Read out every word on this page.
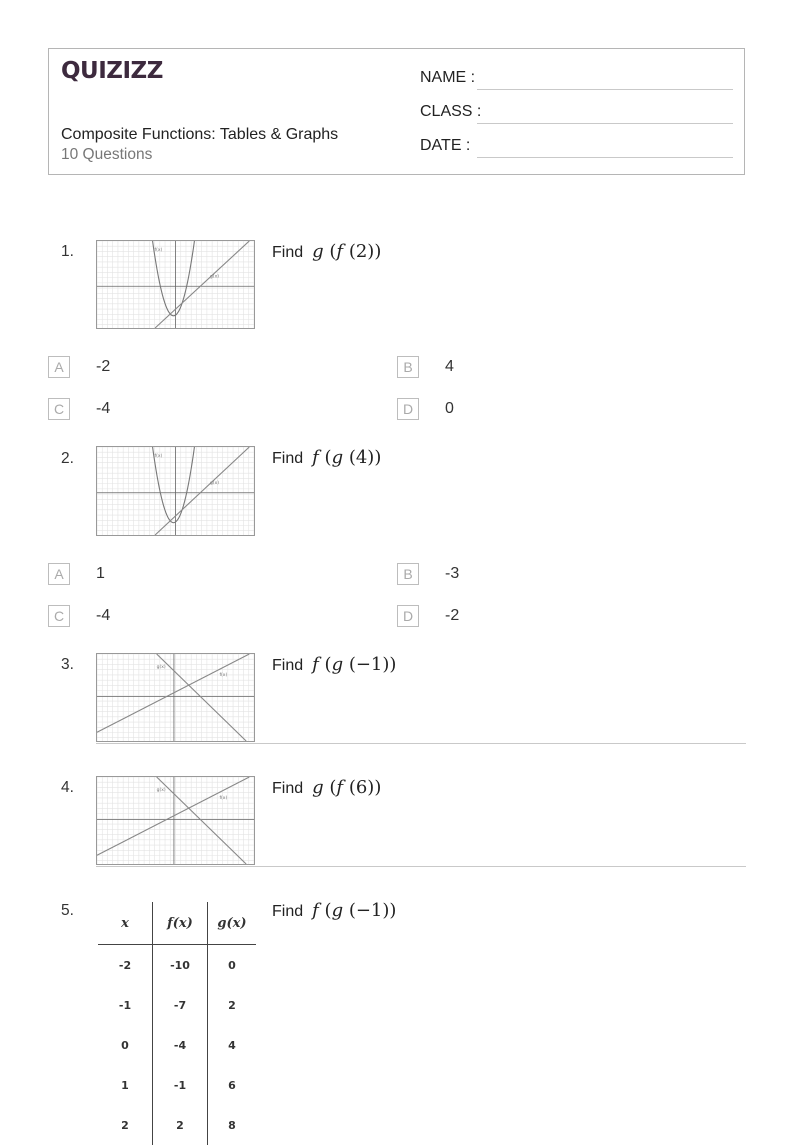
QUIZIZZ
Composite Functions: Tables & Graphs
10 Questions
NAME :
CLASS :
DATE :
1.	f(x)
g(x)
Find g (f (2))
A	-2	B	4
C	-4	D	0
2.	f(x)
g(x)
Find f (g (4))
A	1	B	-3
C	-4	D	-2
3.	g(x)
f(x)
Find f (g (−1))
4.	g(x)
f(x)
Find g (f (6))
5.
x	f(x)	g(x)
-2	-10	0
-1	-7	2
0	-4	4
1	-1	6
2	2	8
Find f (g (−1))
